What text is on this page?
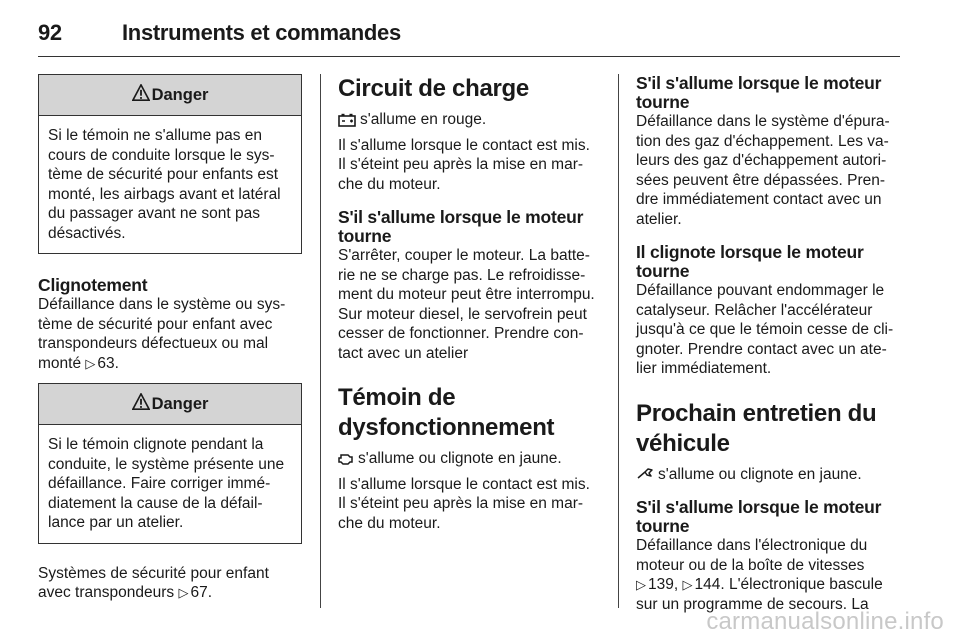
92	Instruments et commandes
Danger
Si le témoin ne s'allume pas en
cours de conduite lorsque le sys-
tème de sécurité pour enfants est
monté, les airbags avant et latéral
du passager avant ne sont pas
désactivés.
Clignotement

Défaillance dans le système ou sys-

tème de sécurité pour enfant avec

transpondeurs défectueux ou mal

monté ▷ 63.

Danger
Si le témoin clignote pendant la
conduite, le système présente une
défaillance. Faire corriger immé-
diatement la cause de la défail-
lance par un atelier.

Systèmes de sécurité pour enfant

avec transpondeurs ▷ 67.

Circuit de charge

s'allume en rouge.

Il s'allume lorsque le contact est mis.

Il s'éteint peu après la mise en mar-

che du moteur.

S'il s'allume lorsque le moteur
tourne

S'arrêter, couper le moteur. La batte-

rie ne se charge pas. Le refroidisse-

ment du moteur peut être interrompu.

Sur moteur diesel, le servofrein peut

cesser de fonctionner. Prendre con-

tact avec un atelier

Témoin de
dysfonctionnement

s'allume ou clignote en jaune.

Il s'allume lorsque le contact est mis.

Il s'éteint peu après la mise en mar-

che du moteur.

S'il s'allume lorsque le moteur
tourne

Défaillance dans le système d'épura-

tion des gaz d'échappement. Les va-

leurs des gaz d'échappement autori-

sées peuvent être dépassées. Pren-

dre immédiatement contact avec un

atelier.

Il clignote lorsque le moteur
tourne

Défaillance pouvant endommager le

catalyseur. Relâcher l'accélérateur

jusqu'à ce que le témoin cesse de cli-

gnoter. Prendre contact avec un ate-

lier immédiatement.

Prochain entretien du
véhicule

s'allume ou clignote en jaune.

S'il s'allume lorsque le moteur
tourne

Défaillance dans l'électronique du

moteur ou de la boîte de vitesses

▷ 139, ▷ 144. L'électronique bascule

sur un programme de secours. La

carmanualsonline.info
